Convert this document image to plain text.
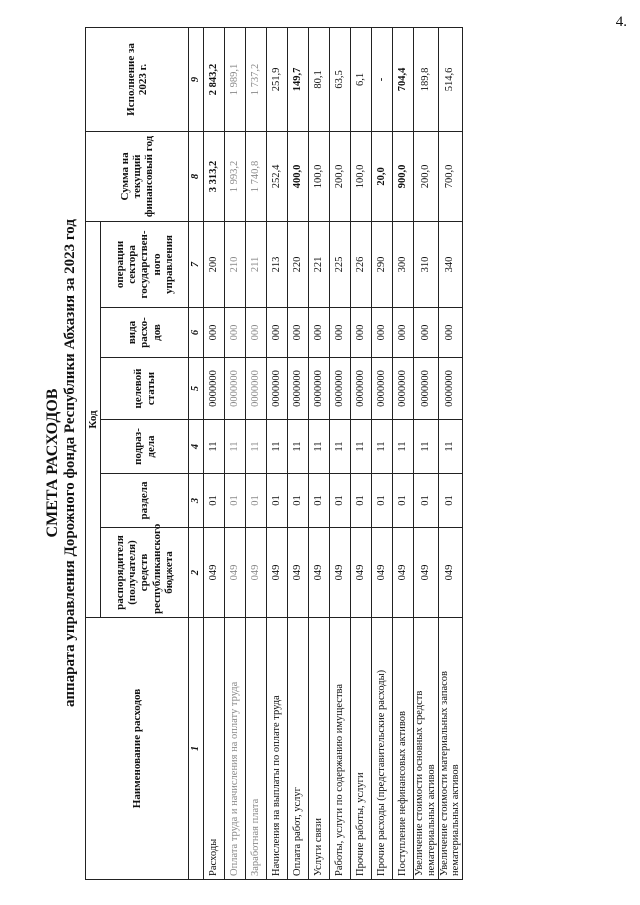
4.
СМЕТА РАСХОДОВ аппарата управления Дорожного фонда Республики Абхазия за 2023 год
Наименование расходов	Код						Сумма на текущий финансовый год	Исполнение за 2023 г.
	распорядителя (получателя) средств республиканского бюджета	раздела	подраз-дела	целевой статьи	вида расхо-дов	операции сектора государствен-ного управления		
1	2	3	4	5	6	7	8	9
Расходы	049	01	11	0000000	000	200	3 313,2	2 843,2
Оплата труда и начисления на оплату труда	049	01	11	0000000	000	210	1 993,2	1 989,1
Заработная плата	049	01	11	0000000	000	211	1 740,8	1 737,2
Начисления на выплаты по оплате труда	049	01	11	0000000	000	213	252,4	251,9
Оплата работ, услуг	049	01	11	0000000	000	220	400,0	149,7
Услуги связи	049	01	11	0000000	000	221	100,0	80,1
Работы, услуги по содержанию имущества	049	01	11	0000000	000	225	200,0	63,5
Прочие работы, услуги	049	01	11	0000000	000	226	100,0	6,1
Прочие расходы (представительские расходы)	049	01	11	0000000	000	290	20,0	-
Поступление нефинансовых активов	049	01	11	0000000	000	300	900,0	704,4
Увеличение стоимости основных средств нематериальных активов	049	01	11	0000000	000	310	200,0	189,8
Увеличение стоимости материальных запасов нематериальных активов	049	01	11	0000000	000	340	700,0	514,6
